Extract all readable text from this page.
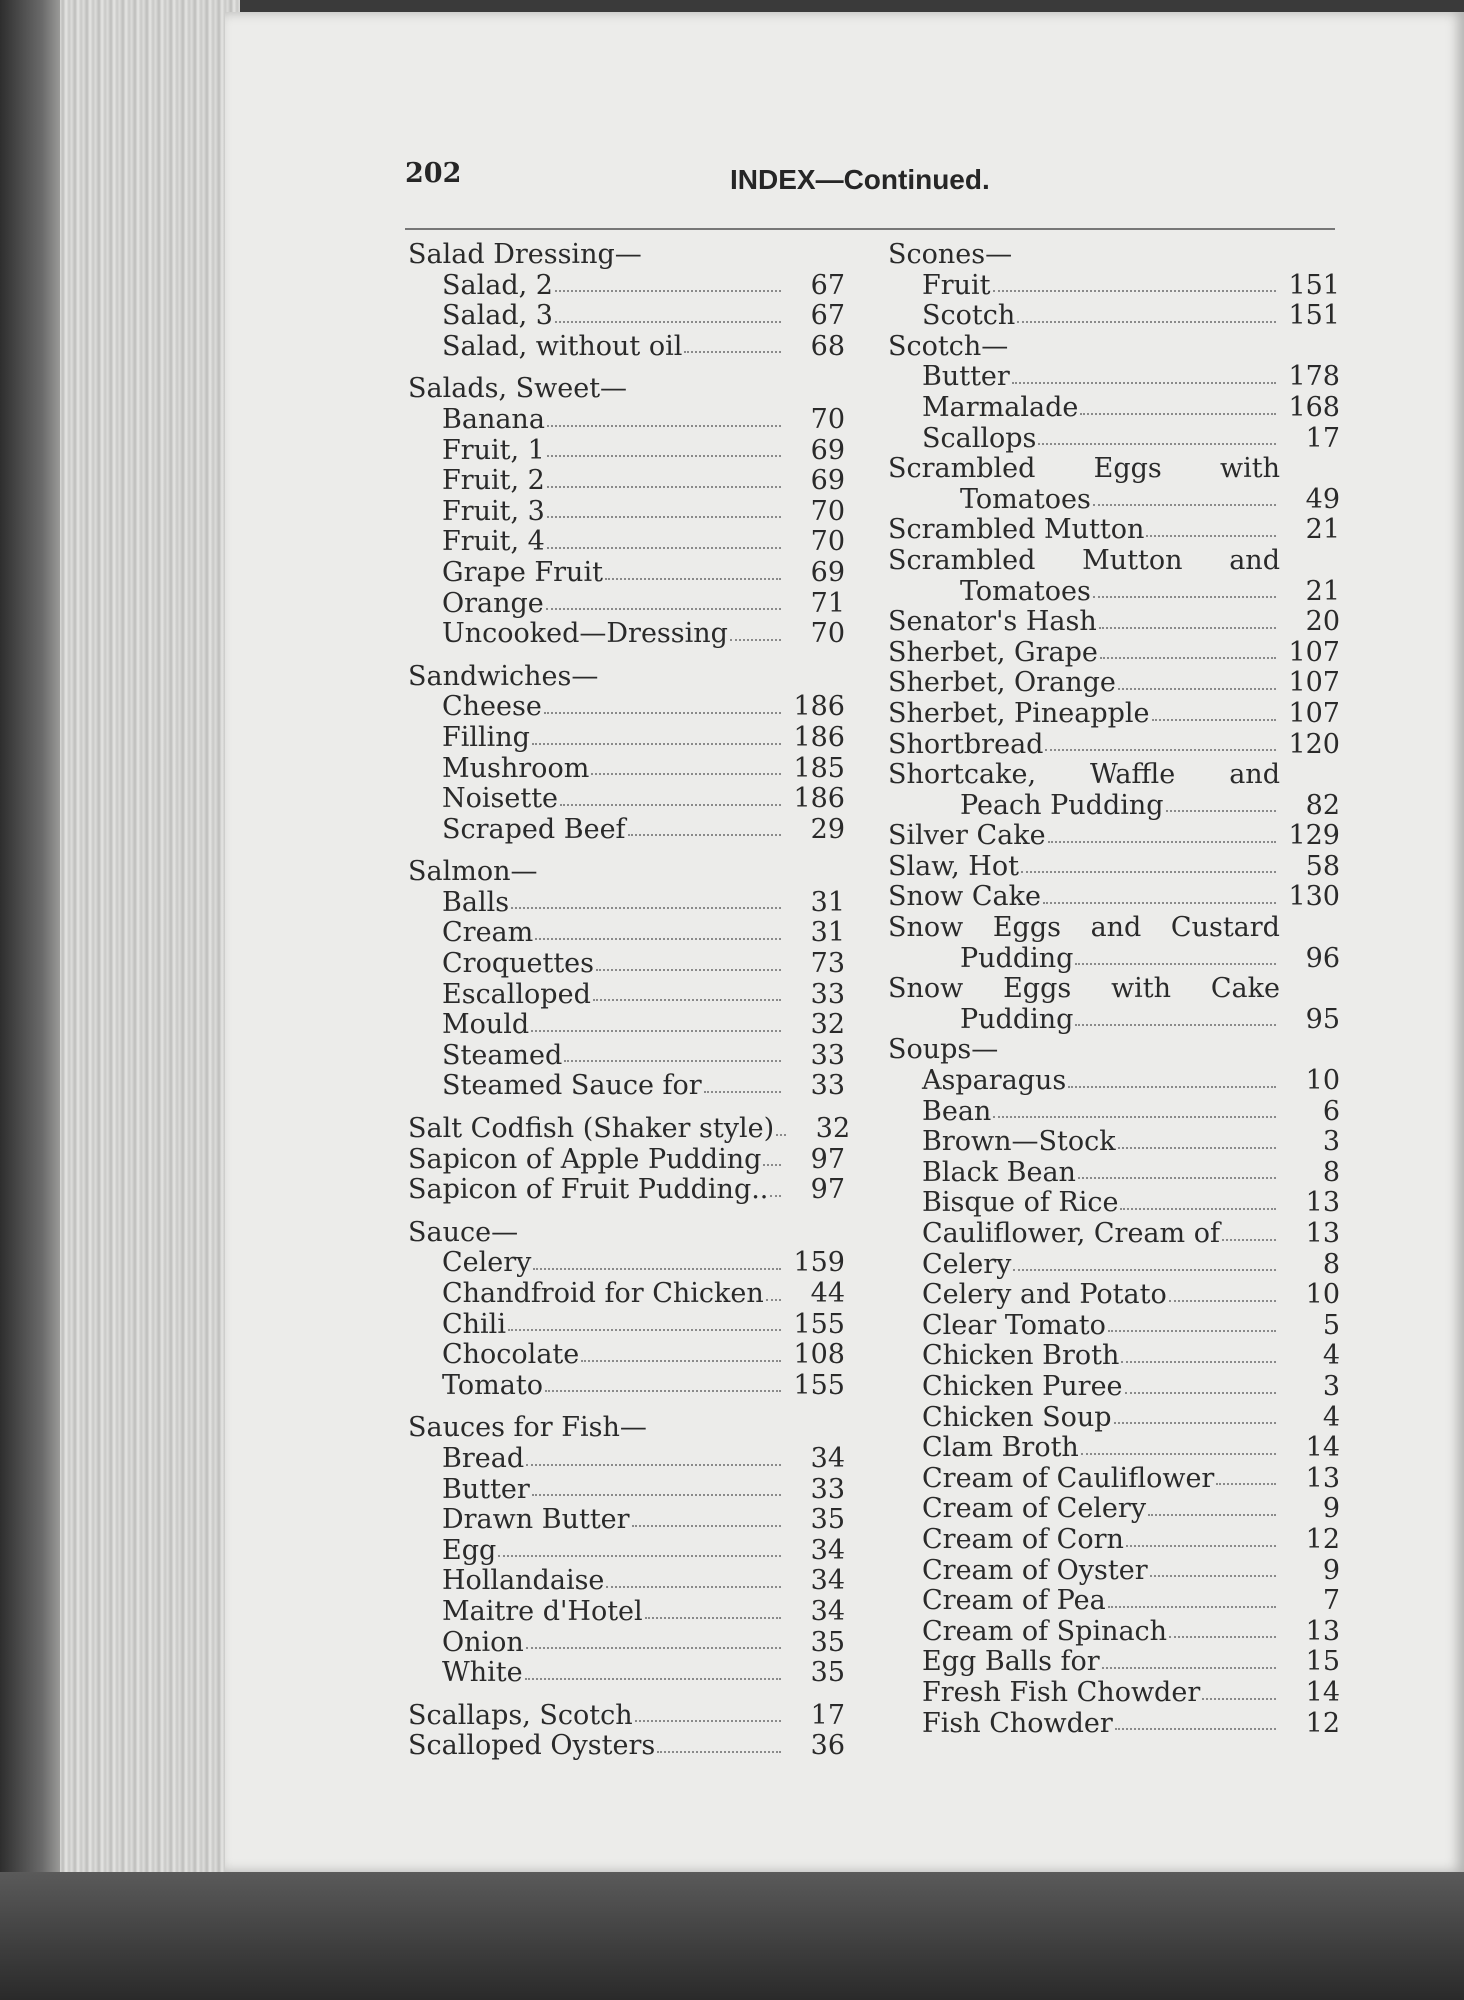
202	INDEX—Continued.
Salad Dressing—
Salad, 2	67
Salad, 3	67
Salad, without oil	68
Salads, Sweet—
Banana	70
Fruit, 1	69
Fruit, 2	69
Fruit, 3	70
Fruit, 4	70
Grape Fruit	69
Orange	71
Uncooked—Dressing	70
Sandwiches—
Cheese	186
Filling	186
Mushroom	185
Noisette	186
Scraped Beef	29
Salmon—
Balls	31
Cream	31
Croquettes	73
Escalloped	33
Mould	32
Steamed	33
Steamed Sauce for	33
Salt Codfish (Shaker style)	32
Sapicon of Apple Pudding	97
Sapicon of Fruit Pudding..	97
Sauce—
Celery	159
Chandfroid for Chicken	44
Chili	155
Chocolate	108
Tomato	155
Sauces for Fish—
Bread	34
Butter	33
Drawn Butter	35
Egg	34
Hollandaise	34
Maitre d'Hotel	34
Onion	35
White	35
Scallaps, Scotch	17
Scalloped Oysters	36
Scones—
Fruit	151
Scotch	151
Scotch—
Butter	178
Marmalade	168
Scallops	17
Scrambled Eggs with
Tomatoes	49
Scrambled Mutton	21
Scrambled Mutton and
Tomatoes	21
Senator's Hash	20
Sherbet, Grape	107
Sherbet, Orange	107
Sherbet, Pineapple	107
Shortbread	120
Shortcake, Waffle and
Peach Pudding	82
Silver Cake	129
Slaw, Hot	58
Snow Cake	130
Snow Eggs and Custard
Pudding	96
Snow Eggs with Cake
Pudding	95
Soups—
Asparagus	10
Bean	6
Brown—Stock	3
Black Bean	8
Bisque of Rice	13
Cauliflower, Cream of	13
Celery	8
Celery and Potato	10
Clear Tomato	5
Chicken Broth	4
Chicken Puree	3
Chicken Soup	4
Clam Broth	14
Cream of Cauliflower	13
Cream of Celery	9
Cream of Corn	12
Cream of Oyster	9
Cream of Pea	7
Cream of Spinach	13
Egg Balls for	15
Fresh Fish Chowder	14
Fish Chowder	12
